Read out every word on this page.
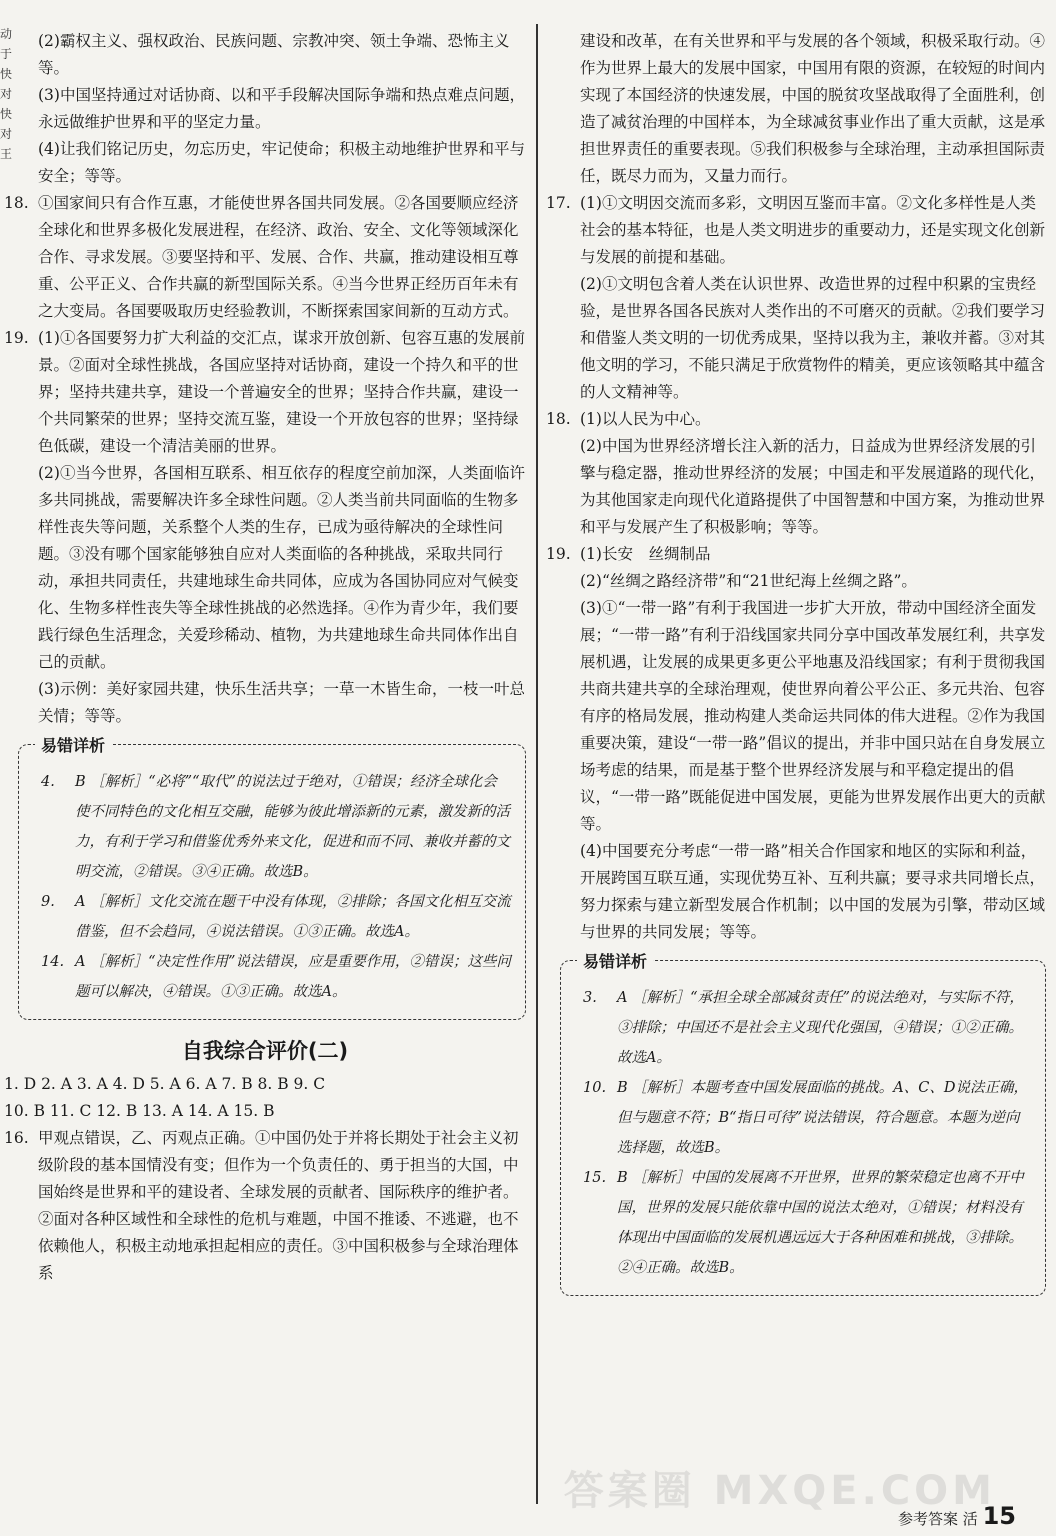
动
于
快对
快对
王

(2)霸权主义、强权政治、民族问题、宗教冲突、领土争端、恐怖主义等。

(3)中国坚持通过对话协商、以和平手段解决国际争端和热点难点问题，永远做维护世界和平的坚定力量。

(4)让我们铭记历史，勿忘历史，牢记使命；积极主动地维护世界和平与安全；等等。

18. ①国家间只有合作互惠，才能使世界各国共同发展。②各国要顺应经济全球化和世界多极化发展进程，在经济、政治、安全、文化等领域深化合作、寻求发展。③要坚持和平、发展、合作、共赢，推动建设相互尊重、公平正义、合作共赢的新型国际关系。④当今世界正经历百年未有之大变局。各国要吸取历史经验教训，不断探索国家间新的互动方式。
19. (1)①各国要努力扩大利益的交汇点，谋求开放创新、包容互惠的发展前景。②面对全球性挑战，各国应坚持对话协商，建设一个持久和平的世界；坚持共建共享，建设一个普遍安全的世界；坚持合作共赢，建设一个共同繁荣的世界；坚持交流互鉴，建设一个开放包容的世界；坚持绿色低碳，建设一个清洁美丽的世界。

(2)①当今世界，各国相互联系、相互依存的程度空前加深，人类面临许多共同挑战，需要解决许多全球性问题。②人类当前共同面临的生物多样性丧失等问题，关系整个人类的生存，已成为亟待解决的全球性问题。③没有哪个国家能够独自应对人类面临的各种挑战，采取共同行动，承担共同责任，共建地球生命共同体，应成为各国协同应对气候变化、生物多样性丧失等全球性挑战的必然选择。④作为青少年，我们要践行绿色生活理念，关爱珍稀动、植物，为共建地球生命共同体作出自己的贡献。

(3)示例：美好家园共建，快乐生活共享；一草一木皆生命，一枝一叶总关情；等等。

易错详析
4.	B ［解析］“必将”“取代”的说法过于绝对，①错误；经济全球化会使不同特色的文化相互交融，能够为彼此增添新的元素，激发新的活力，有利于学习和借鉴优秀外来文化，促进和而不同、兼收并蓄的文明交流，②错误。③④正确。故选B。
9.	A ［解析］文化交流在题干中没有体现，②排除；各国文化相互交流借鉴，但不会趋同，④说法错误。①③正确。故选A。
14. A ［解析］“决定性作用”说法错误，应是重要作用，②错误；这些问题可以解决，④错误。①③正确。故选A。
自我综合评价(二)
1. D 2. A 3. A 4. D 5. A 6. A 7. B 8. B 9. C
10. B 11. C 12. B 13. A 14. A 15. B
16. 甲观点错误，乙、丙观点正确。①中国仍处于并将长期处于社会主义初级阶段的基本国情没有变；但作为一个负责任的、勇于担当的大国，中国始终是世界和平的建设者、全球发展的贡献者、国际秩序的维护者。②面对各种区域性和全球性的危机与难题，中国不推诿、不逃避，也不依赖他人，积极主动地承担起相应的责任。③中国积极参与全球治理体系

建设和改革，在有关世界和平与发展的各个领域，积极采取行动。④作为世界上最大的发展中国家，中国用有限的资源，在较短的时间内实现了本国经济的快速发展，中国的脱贫攻坚战取得了全面胜利，创造了减贫治理的中国样本，为全球减贫事业作出了重大贡献，这是承担世界责任的重要表现。⑤我们积极参与全球治理，主动承担国际责任，既尽力而为，又量力而行。

17. (1)①文明因交流而多彩，文明因互鉴而丰富。②文化多样性是人类社会的基本特征，也是人类文明进步的重要动力，还是实现文化创新与发展的前提和基础。

(2)①文明包含着人类在认识世界、改造世界的过程中积累的宝贵经验，是世界各国各民族对人类作出的不可磨灭的贡献。②我们要学习和借鉴人类文明的一切优秀成果，坚持以我为主，兼收并蓄。③对其他文明的学习，不能只满足于欣赏物件的精美，更应该领略其中蕴含的人文精神等。

18. (1)以人民为中心。

(2)中国为世界经济增长注入新的活力，日益成为世界经济发展的引擎与稳定器，推动世界经济的发展；中国走和平发展道路的现代化，为其他国家走向现代化道路提供了中国智慧和中国方案，为推动世界和平与发展产生了积极影响；等等。

19. (1)长安　丝绸制品

(2)“丝绸之路经济带”和“21世纪海上丝绸之路”。

(3)①“一带一路”有利于我国进一步扩大开放，带动中国经济全面发展；“一带一路”有利于沿线国家共同分享中国改革发展红利，共享发展机遇，让发展的成果更多更公平地惠及沿线国家；有利于贯彻我国共商共建共享的全球治理观，使世界向着公平公正、多元共治、包容有序的格局发展，推动构建人类命运共同体的伟大进程。②作为我国重要决策，建设“一带一路”倡议的提出，并非中国只站在自身发展立场考虑的结果，而是基于整个世界经济发展与和平稳定提出的倡议，“一带一路”既能促进中国发展，更能为世界发展作出更大的贡献等。

(4)中国要充分考虑“一带一路”相关合作国家和地区的实际和利益，开展跨国互联互通，实现优势互补、互利共赢；要寻求共同增长点，努力探索与建立新型发展合作机制；以中国的发展为引擎，带动区域与世界的共同发展；等等。

易错详析
3.	A ［解析］“承担全球全部减贫责任”的说法绝对，与实际不符，③排除；中国还不是社会主义现代化强国，④错误；①②正确。故选A。
10. B ［解析］本题考查中国发展面临的挑战。A、C、D说法正确，但与题意不符；B“指日可待”说法错误，符合题意。本题为逆向选择题，故选B。
15. B ［解析］中国的发展离不开世界，世界的繁荣稳定也离不开中国，世界的发展只能依靠中国的说法太绝对，①错误；材料没有体现出中国面临的发展机遇远远大于各种困难和挑战，③排除。②④正确。故选B。
答案圈 MXQE.COM
参考答案 活 15
